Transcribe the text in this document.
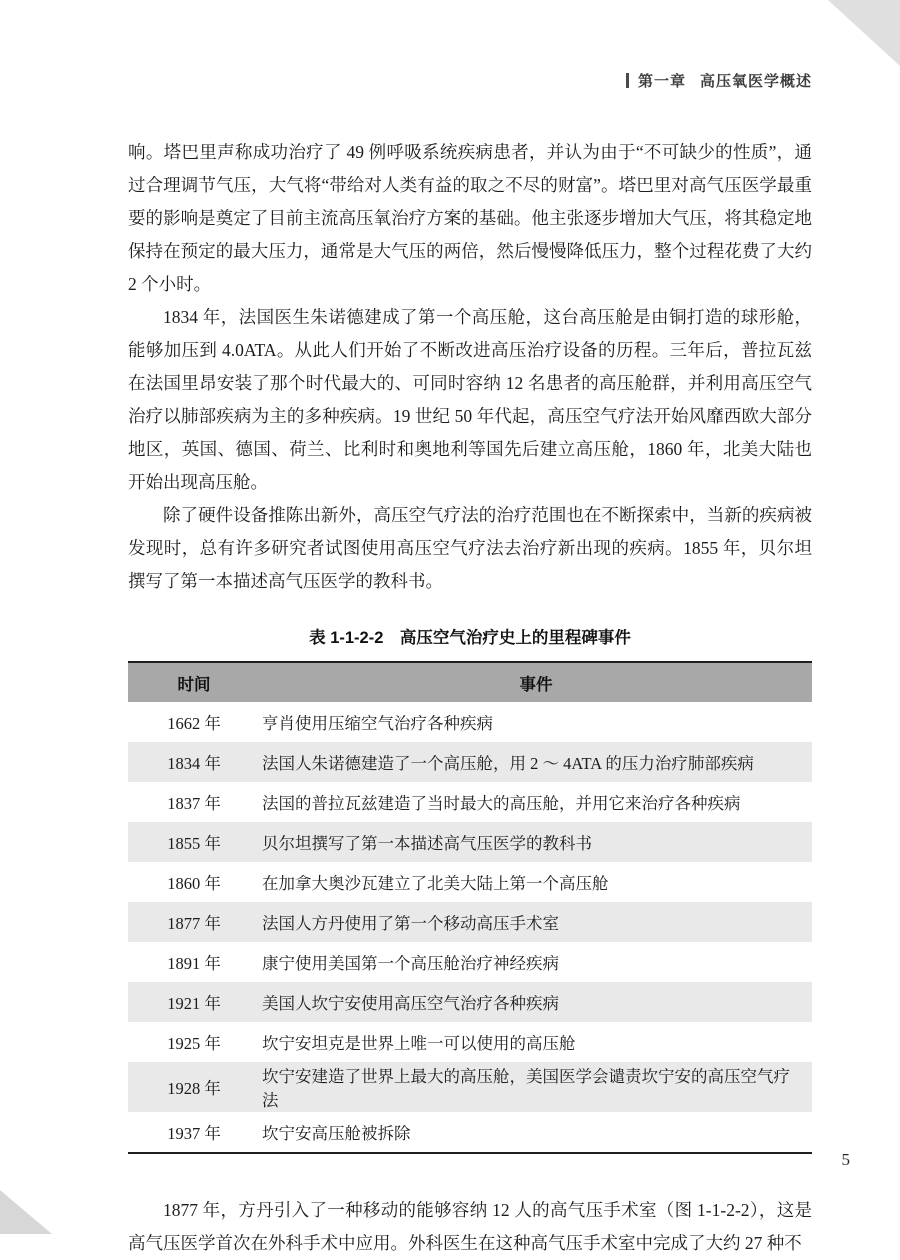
第一章 高压氧医学概述

响。塔巴里声称成功治疗了 49 例呼吸系统疾病患者，并认为由于“不可缺少的性质”，通过合理调节气压，大气将“带给对人类有益的取之不尽的财富”。塔巴里对高气压医学最重要的影响是奠定了目前主流高压氧治疗方案的基础。他主张逐步增加大气压，将其稳定地保持在预定的最大压力，通常是大气压的两倍，然后慢慢降低压力，整个过程花费了大约 2 个小时。

1834 年，法国医生朱诺德建成了第一个高压舱，这台高压舱是由铜打造的球形舱，能够加压到 4.0ATA。从此人们开始了不断改进高压治疗设备的历程。三年后，普拉瓦兹在法国里昂安装了那个时代最大的、可同时容纳 12 名患者的高压舱群，并利用高压空气治疗以肺部疾病为主的多种疾病。19 世纪 50 年代起，高压空气疗法开始风靡西欧大部分地区，英国、德国、荷兰、比利时和奥地利等国先后建立高压舱，1860 年，北美大陆也开始出现高压舱。

除了硬件设备推陈出新外，高压空气疗法的治疗范围也在不断探索中，当新的疾病被发现时，总有许多研究者试图使用高压空气疗法去治疗新出现的疾病。1855 年，贝尔坦撰写了第一本描述高气压医学的教科书。

表 1-1-2-2　高压空气治疗史上的里程碑事件
时间	事件
1662 年	亨肖使用压缩空气治疗各种疾病
1834 年	法国人朱诺德建造了一个高压舱，用 2 ～ 4ATA 的压力治疗肺部疾病
1837 年	法国的普拉瓦兹建造了当时最大的高压舱，并用它来治疗各种疾病
1855 年	贝尔坦撰写了第一本描述高气压医学的教科书
1860 年	在加拿大奥沙瓦建立了北美大陆上第一个高压舱
1877 年	法国人方丹使用了第一个移动高压手术室
1891 年	康宁使用美国第一个高压舱治疗神经疾病
1921 年	美国人坎宁安使用高压空气治疗各种疾病
1925 年	坎宁安坦克是世界上唯一可以使用的高压舱
1928 年	坎宁安建造了世界上最大的高压舱，美国医学会谴责坎宁安的高压空气疗法
1937 年	坎宁安高压舱被拆除

1877 年，方丹引入了一种移动的能够容纳 12 人的高气压手术室（图 1-1-2-2），这是高气压医学首次在外科手术中应用。外科医生在这种高气压手术室中完成了大约 27 种不

5
